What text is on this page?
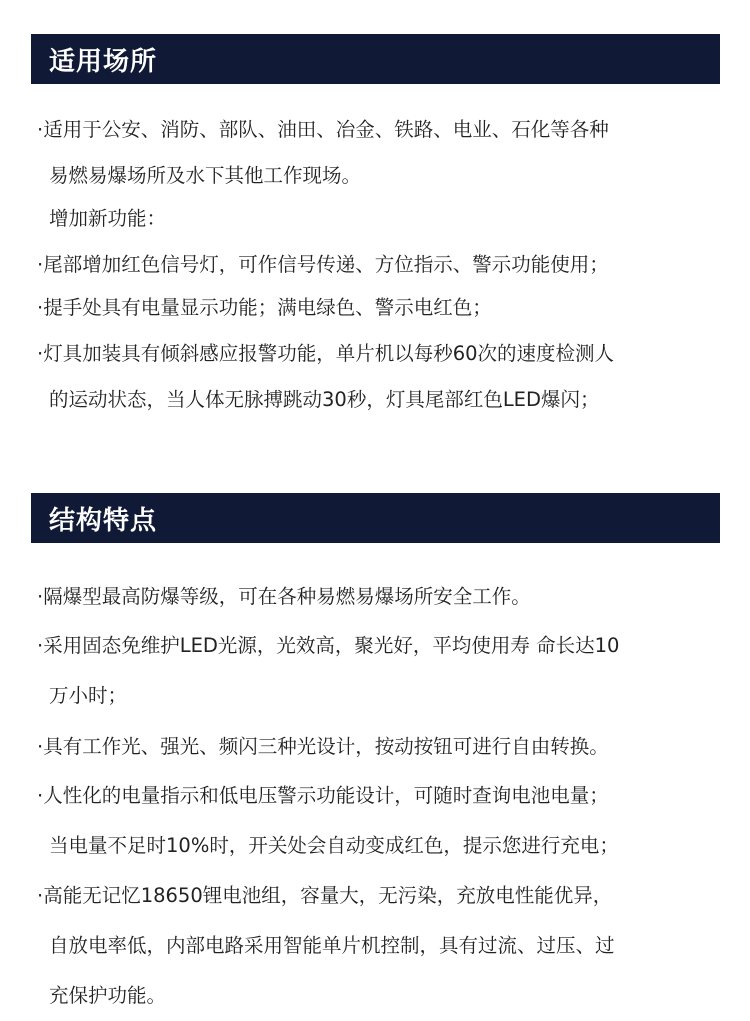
适用场所
·适用于公安、消防、部队、油田、冶金、铁路、电业、石化等各种
易燃易爆场所及水下其他工作现场。
增加新功能：
·尾部增加红色信号灯，可作信号传递、方位指示、警示功能使用；
·提手处具有电量显示功能；满电绿色、警示电红色；
·灯具加装具有倾斜感应报警功能，单片机以每秒60次的速度检测人
的运动状态，当人体无脉搏跳动30秒，灯具尾部红色LED爆闪；
结构特点
·隔爆型最高防爆等级，可在各种易燃易爆场所安全工作。
·采用固态免维护LED光源，光效高，聚光好，平均使用寿 命长达10
万小时；
·具有工作光、强光、频闪三种光设计，按动按钮可进行自由转换。
·人性化的电量指示和低电压警示功能设计，可随时查询电池电量；
当电量不足时10%时，开关处会自动变成红色，提示您进行充电；
·高能无记忆18650锂电池组，容量大，无污染，充放电性能优异，
自放电率低，内部电路采用智能单片机控制，具有过流、过压、过
充保护功能。
